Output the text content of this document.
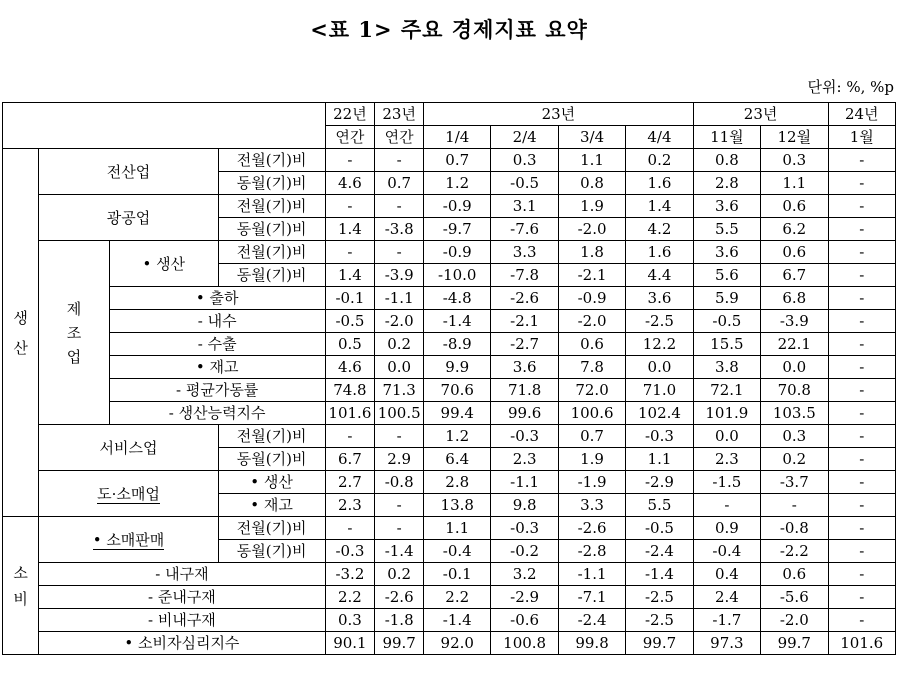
<표 1> 주요 경제지표 요약
단위: %, %p
				22년	23년	23년				23년		24년
				연간	연간	1/4	2/4	3/4	4/4	11월	12월	1월
생
산	전산업		전월(기)비	-	-	0.7	0.3	1.1	0.2	0.8	0.3	-
			동월(기)비	4.6	0.7	1.2	-0.5	0.8	1.6	2.8	1.1	-
	광공업		전월(기)비	-	-	-0.9	3.1	1.9	1.4	3.6	0.6	-
			동월(기)비	1.4	-3.8	-9.7	-7.6	-2.0	4.2	5.5	6.2	-
	제
조
업	• 생산	전월(기)비	-	-	-0.9	3.3	1.8	1.6	3.6	0.6	-
			동월(기)비	1.4	-3.9	-10.0	-7.8	-2.1	4.4	5.6	6.7	-
		• 출하		-0.1	-1.1	-4.8	-2.6	-0.9	3.6	5.9	6.8	-
		- 내수		-0.5	-2.0	-1.4	-2.1	-2.0	-2.5	-0.5	-3.9	-
		- 수출		0.5	0.2	-8.9	-2.7	0.6	12.2	15.5	22.1	-
		• 재고		4.6	0.0	9.9	3.6	7.8	0.0	3.8	0.0	-
		- 평균가동률		74.8	71.3	70.6	71.8	72.0	71.0	72.1	70.8	-
		- 생산능력지수		101.6	100.5	99.4	99.6	100.6	102.4	101.9	103.5	-
	서비스업		전월(기)비	-	-	1.2	-0.3	0.7	-0.3	0.0	0.3	-
			동월(기)비	6.7	2.9	6.4	2.3	1.9	1.1	2.3	0.2	-
	도·소매업		• 생산	2.7	-0.8	2.8	-1.1	-1.9	-2.9	-1.5	-3.7	-
			• 재고	2.3	-	13.8	9.8	3.3	5.5	-	-	-
소
비	• 소매판매		전월(기)비	-	-	1.1	-0.3	-2.6	-0.5	0.9	-0.8	-
			동월(기)비	-0.3	-1.4	-0.4	-0.2	-2.8	-2.4	-0.4	-2.2	-
	- 내구재			-3.2	0.2	-0.1	3.2	-1.1	-1.4	0.4	0.6	-
	- 준내구재			2.2	-2.6	2.2	-2.9	-7.1	-2.5	2.4	-5.6	-
	- 비내구재			0.3	-1.8	-1.4	-0.6	-2.4	-2.5	-1.7	-2.0	-
	• 소비자심리지수			90.1	99.7	92.0	100.8	99.8	99.7	97.3	99.7	101.6
